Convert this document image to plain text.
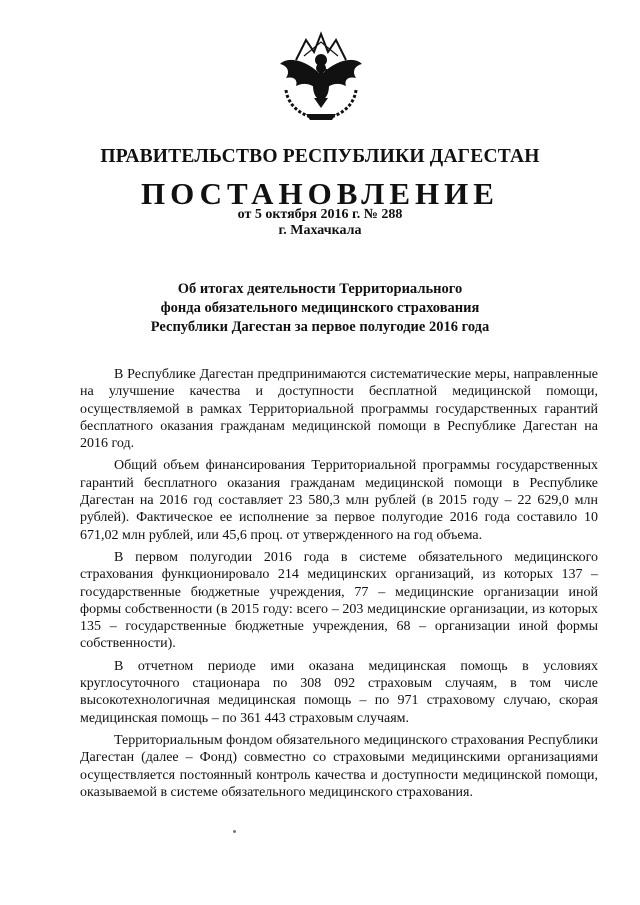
ПРАВИТЕЛЬСТВО РЕСПУБЛИКИ ДАГЕСТАН
ПОСТАНОВЛЕНИЕ
от 5 октября 2016 г. № 288
г. Махачкала
Об итогах деятельности Территориального
фонда обязательного медицинского страхования
Республики Дагестан за первое полугодие 2016 года

В Республике Дагестан предпринимаются систематические меры, направленные на улучшение качества и доступности бесплатной медицинской помощи, осуществляемой в рамках Территориальной программы государственных гарантий бесплатного оказания гражданам медицинской помощи в Республике Дагестан на 2016 год.

Общий объем финансирования Территориальной программы государственных гарантий бесплатного оказания гражданам медицинской помощи в Республике Дагестан на 2016 год составляет 23 580,3 млн рублей (в 2015 году – 22 629,0 млн рублей). Фактическое ее исполнение за первое полугодие 2016 года составило 10 671,02 млн рублей, или 45,6 проц. от утвержденного на год объема.

В первом полугодии 2016 года в системе обязательного медицинского страхования функционировало 214 медицинских организаций, из которых 137 – государственные бюджетные учреждения, 77 – медицинские организации иной формы собственности (в 2015 году: всего – 203 медицинские организации, из которых 135 – государственные бюджетные учреждения, 68 – организации иной формы собственности).

В отчетном периоде ими оказана медицинская помощь в условиях круглосуточного стационара по 308 092 страховым случаям, в том числе высокотехнологичная медицинская помощь – по 971 страховому случаю, скорая медицинская помощь – по 361 443 страховым случаям.

Территориальным фондом обязательного медицинского страхования Республики Дагестан (далее – Фонд) совместно со страховыми медицинскими организациями осуществляется постоянный контроль качества и доступности медицинской помощи, оказываемой в системе обязательного медицинского страхования.
